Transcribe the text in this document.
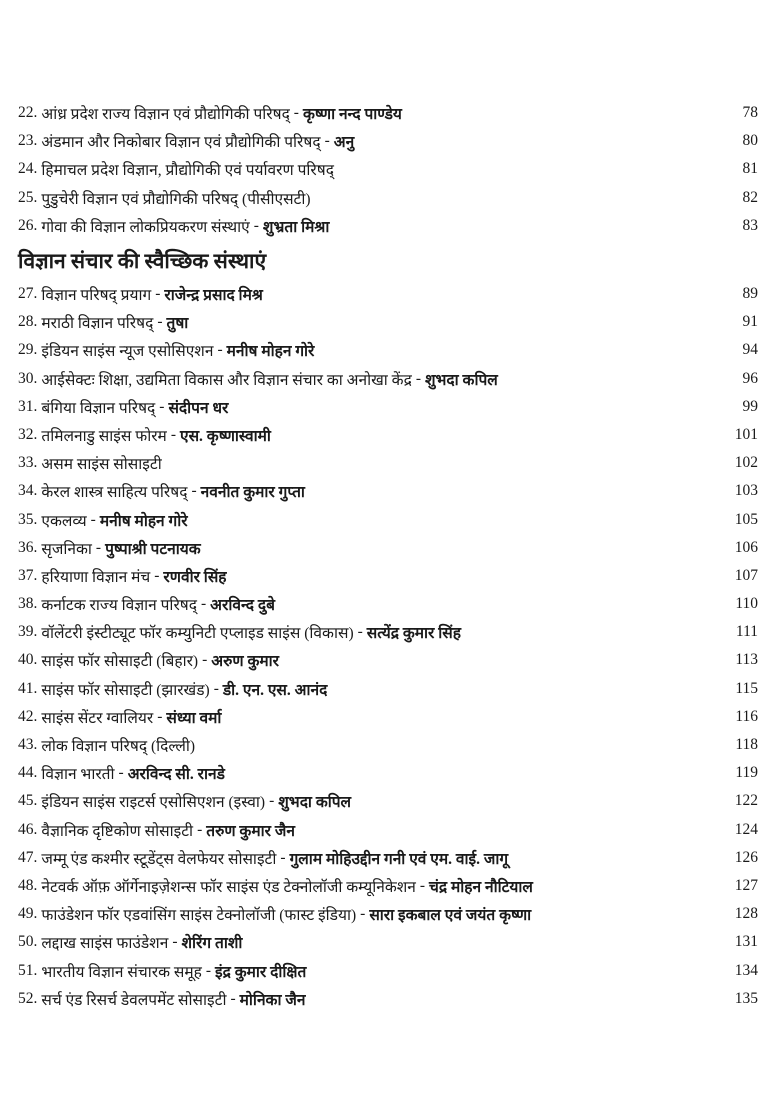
22. आंध्र प्रदेश राज्य विज्ञान एवं प्रौद्योगिकी परिषद् - कृष्णा नन्द पाण्डेय	78
23. अंडमान और निकोबार विज्ञान एवं प्रौद्योगिकी परिषद् - अनु	80
24. हिमाचल प्रदेश विज्ञान, प्रौद्योगिकी एवं पर्यावरण परिषद्	81
25. पुडुचेरी विज्ञान एवं प्रौद्योगिकी परिषद् (पीसीएसटी)	82
26. गोवा की विज्ञान लोकप्रियकरण संस्थाएं - शुभ्रता मिश्रा	83
विज्ञान संचार की स्वैच्छिक संस्थाएं
27. विज्ञान परिषद् प्रयाग - राजेन्द्र प्रसाद मिश्र	89
28. मराठी विज्ञान परिषद् - तुषा	91
29. इंडियन साइंस न्यूज एसोसिएशन - मनीष मोहन गोरे	94
30. आईसेक्टः शिक्षा, उद्यमिता विकास और विज्ञान संचार का अनोखा केंद्र - शुभदा कपिल	96
31. बंगिया विज्ञान परिषद् - संदीपन धर	99
32. तमिलनाडु साइंस फोरम - एस. कृष्णास्वामी	101
33. असम साइंस सोसाइटी	102
34. केरल शास्त्र साहित्य परिषद् - नवनीत कुमार गुप्ता	103
35. एकलव्य - मनीष मोहन गोरे	105
36. सृजनिका - पुष्पाश्री पटनायक	106
37. हरियाणा विज्ञान मंच - रणवीर सिंह	107
38. कर्नाटक राज्य विज्ञान परिषद् - अरविन्द दुबे	110
39. वॉलेंटरी इंस्टीट्यूट फॉर कम्युनिटी एप्लाइड साइंस (विकास) - सत्येंद्र कुमार सिंह	111
40. साइंस फॉर सोसाइटी (बिहार) - अरुण कुमार	113
41. साइंस फॉर सोसाइटी (झारखंड) - डी. एन. एस. आनंद	115
42. साइंस सेंटर ग्वालियर - संध्या वर्मा	116
43. लोक विज्ञान परिषद् (दिल्ली)	118
44. विज्ञान भारती - अरविन्द सी. रानडे	119
45. इंडियन साइंस राइटर्स एसोसिएशन (इस्वा) - शुभदा कपिल	122
46. वैज्ञानिक दृष्टिकोण सोसाइटी - तरुण कुमार जैन	124
47. जम्मू एंड कश्मीर स्टूडेंट्स वेलफेयर सोसाइटी - गुलाम मोहिउद्दीन गनी एवं एम. वाई. जागू	126
48. नेटवर्क ऑफ़ ऑर्गेनाइज़ेशन्स फॉर साइंस एंड टेक्नोलॉजी कम्यूनिकेशन - चंद्र मोहन नौटियाल	127
49. फाउंडेशन फॉर एडवांसिंग साइंस टेक्नोलॉजी (फास्ट इंडिया) - सारा इकबाल एवं जयंत कृष्णा	128
50. लद्दाख साइंस फाउंडेशन - शेरिंग ताशी	131
51. भारतीय विज्ञान संचारक समूह - इंद्र कुमार दीक्षित	134
52. सर्च एंड रिसर्च डेवलपमेंट सोसाइटी - मोनिका जैन	135
